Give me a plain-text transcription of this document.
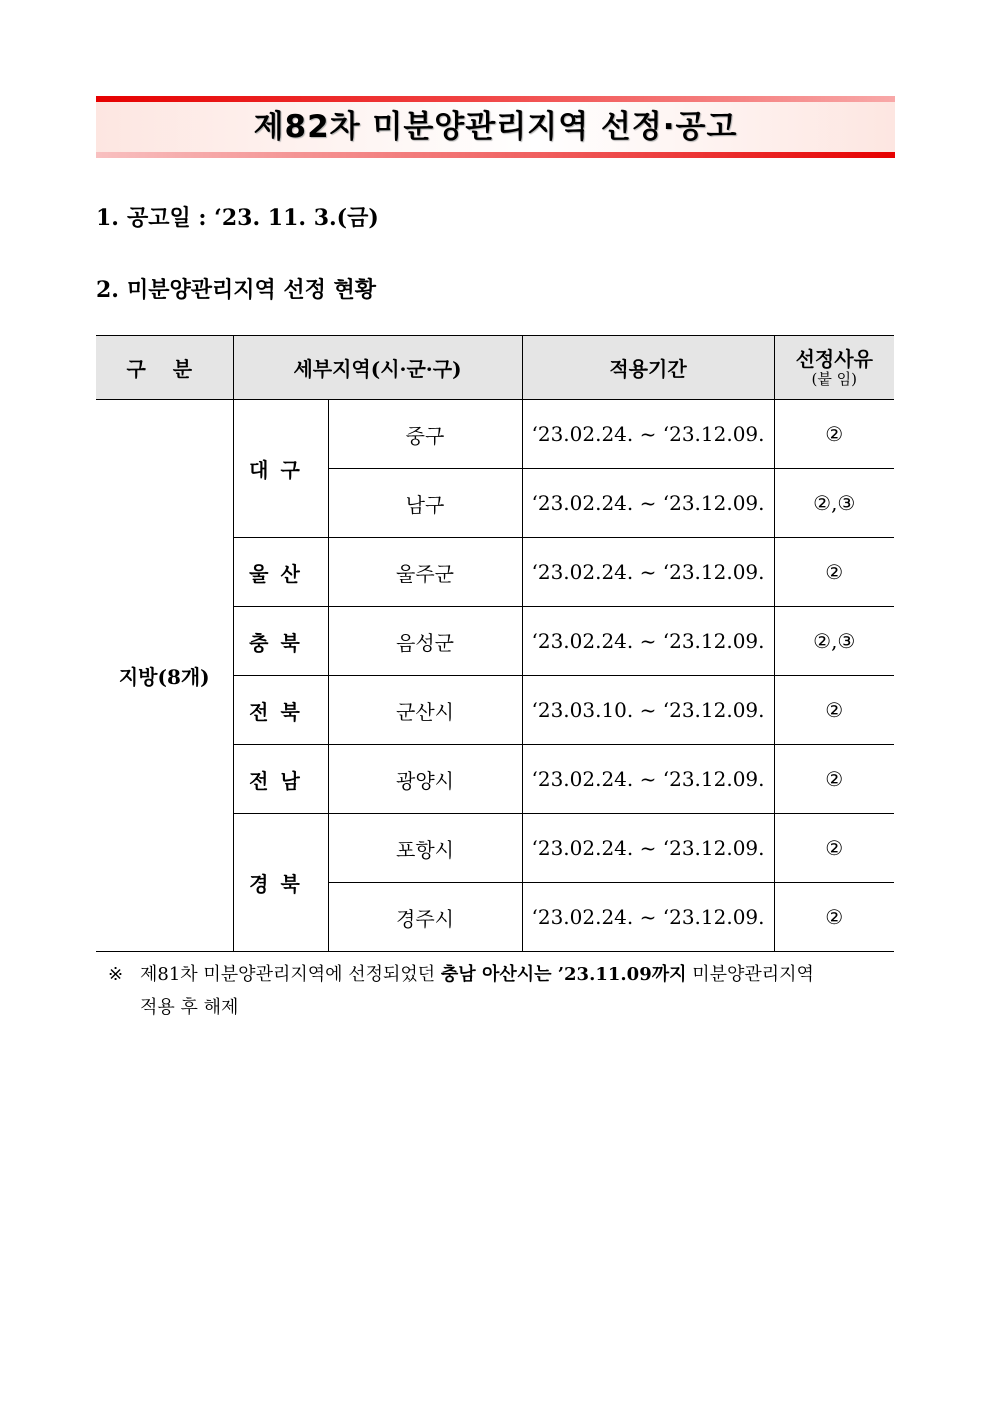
제82차 미분양관리지역 선정·공고
1. 공고일 : ‘23. 11. 3.(금)
2. 미분양관리지역 선정 현황
구 분	세부지역(시·군·구)		적용기간	선정사유
(붙 임)

지방(8개)	대구	중구	‘23.02.24. ~ ‘23.12.09.	②
		남구	‘23.02.24. ~ ‘23.12.09.	②,③
	울산	울주군	‘23.02.24. ~ ‘23.12.09.	②
	충북	음성군	‘23.02.24. ~ ‘23.12.09.	②,③
	전북	군산시	‘23.03.10. ~ ‘23.12.09.	②
	전남	광양시	‘23.02.24. ~ ‘23.12.09.	②
	경북	포항시	‘23.02.24. ~ ‘23.12.09.	②
		경주시	‘23.02.24. ~ ‘23.12.09.	②
※ 제81차 미분양관리지역에 선정되었던 충남 아산시는 ’23.11.09까지 미분양관리지역
적용 후 해제
